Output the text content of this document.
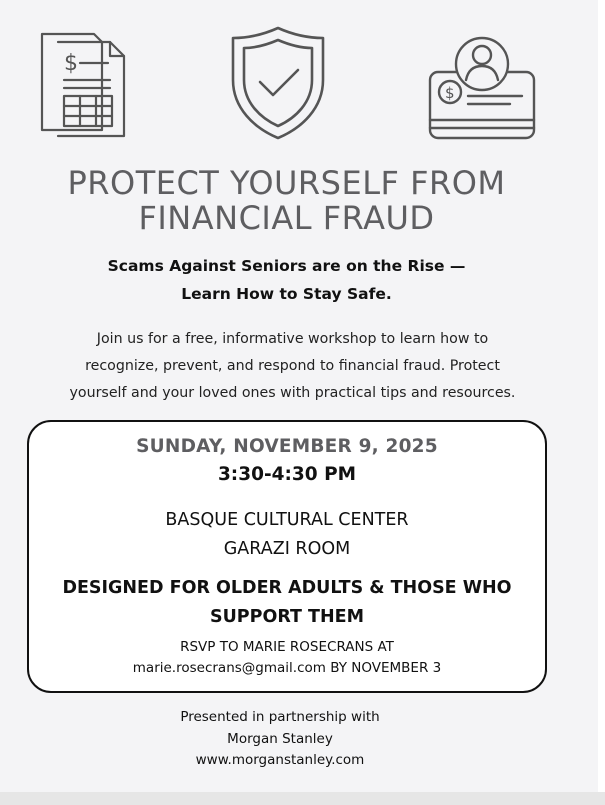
$
$
PROTECT YOURSELF FROM
FINANCIAL FRAUD
Scams Against Seniors are on the Rise —
Learn How to Stay Safe.
Join us for a free, informative workshop to learn how to
recognize, prevent, and respond to financial fraud. Protect
yourself and your loved ones with practical tips and resources.
SUNDAY, NOVEMBER 9, 2025
3:30-4:30 PM
BASQUE CULTURAL CENTER
GARAZI ROOM
DESIGNED FOR OLDER ADULTS & THOSE WHO
SUPPORT THEM
RSVP TO MARIE ROSECRANS AT
marie.rosecrans@gmail.com BY NOVEMBER 3
Presented in partnership with
Morgan Stanley
www.morganstanley.com
